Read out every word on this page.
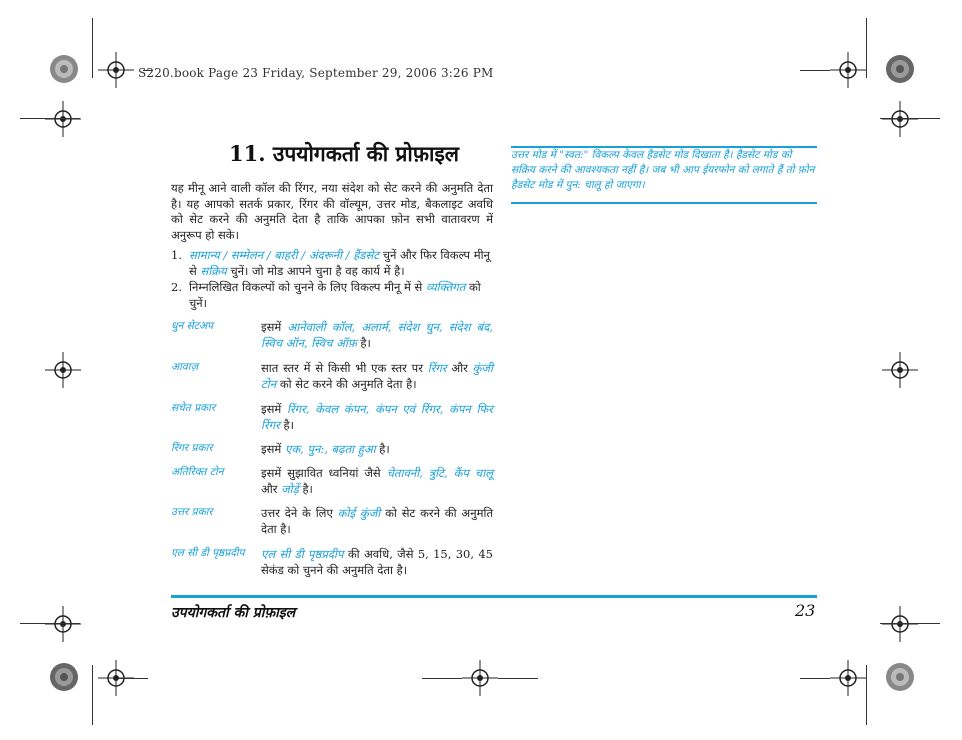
S220.book Page 23 Friday, September 29, 2006 3:26 PM
11. उपयोगकर्ता की प्रोफ़ाइल

यह मीनू आने वाली कॉल की रिंगर, नया संदेश को सेट करने की अनुमति देता है। यह आपको सतर्क प्रकार, रिंगर की वॉल्यूम, उत्तर मोड, बैकलाइट अवधि को सेट करने की अनुमति देता है ताकि आपका फ़ोन सभी वातावरण में अनुरूप हो सके।

1. सामान्य / सम्मेलन / बाहरी / अंदरूनी / हैंडसेट चुनें और फिर विकल्प मीनू से सक्रिय चुनें। जो मोड आपने चुना है वह कार्य में है।
2. निम्नलिखित विकल्पों को चुनने के लिए विकल्प मीनू में से व्यक्तिगत को चुनें।
धुन सेटअप	इसमें आनेवाली कॉल, अलार्म, संदेश धुन, संदेश बंद, स्विच ऑन, स्विच ऑफ़ है।
आवाज़	सात स्तर में से किसी भी एक स्तर पर रिंगर और कुंजी टोन को सेट करने की अनुमति देता है।
सचेत प्रकार	इसमें रिंगर, केवल कंपन, कंपन एवं रिंगर, कंपन फिर रिंगर है।
रिंगर प्रकार	इसमें एक, पुन:, बढ़ता हुआ है।
अतिरिक्त टोन	इसमें सुझावित ध्वनियां जैसे चेतावनी, त्रुटि, कैंप चालू और जोड़ें है।
उत्तर प्रकार	उत्तर देने के लिए कोई कुंजी को सेट करने की अनुमति देता है।
एल सी डी पृष्ठप्रदीप	एल सी डी पृष्ठप्रदीप की अवधि, जैसे 5, 15, 30, 45 सेकंड को चुनने की अनुमति देता है।
उत्तर मोड में "स्वत:" विकल्प केवल हैडसेट मोड दिखाता है। हैडसेट मोड को सक्रिय करने की आवश्यकता नहीं है। जब भी आप ईयरफोन को लगाते हैं तो फ़ोन हैडसेट मोड में पुन: चालू हो जाएगा।
उपयोगकर्ता की प्रोफ़ाइल	23
